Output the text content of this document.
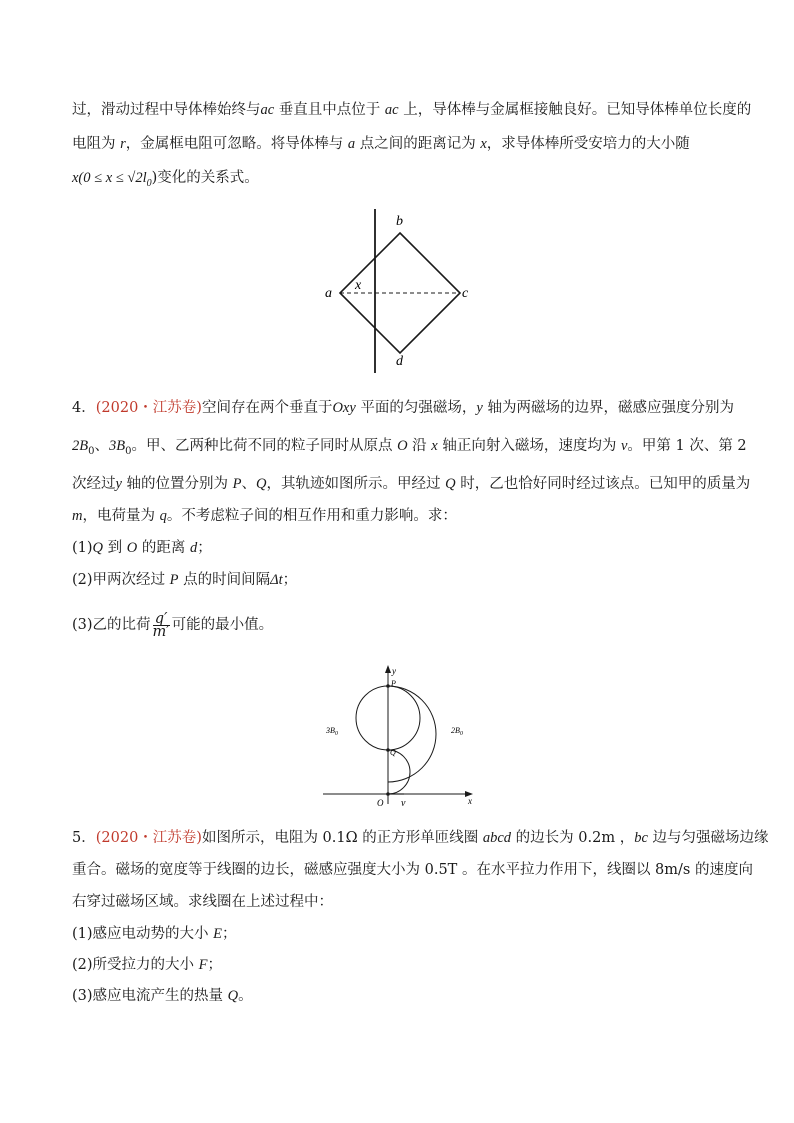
过，滑动过程中导体棒始终与ac 垂直且中点位于 ac 上，导体棒与金属框接触良好。已知导体棒单位长度的
电阻为 r，金属框电阻可忽略。将导体棒与 a 点之间的距离记为 x，求导体棒所受安培力的大小随
$x(0 \le x \le √2l_0)$变化的关系式。
b
a	c
d
x
4．(2020・江苏卷)空间存在两个垂直于Oxy 平面的匀强磁场，y 轴为两磁场的边界，磁感应强度分别为
$2B_0$、$3B_0$。甲、乙两种比荷不同的粒子同时从原点 O 沿 x 轴正向射入磁场，速度均为 v。甲第 1 次、第 2
次经过y 轴的位置分别为 P、Q，其轨迹如图所示。甲经过 Q 时，乙也恰好同时经过该点。已知甲的质量为
m，电荷量为 q。不考虑粒子间的相互作用和重力影响。求：
(1)Q 到 O 的距离 d；
(2)甲两次经过 P 点的时间间隔Δt；
(3)乙的比荷 $\frac{q'}{m'}$ 可能的最小值。
y
x
P
Q
O v
$3B_0$	$2B_0$
5．(2020・江苏卷)如图所示，电阻为 0.1Ω 的正方形单匝线圈 abcd 的边长为 0.2m ，bc 边与匀强磁场边缘
重合。磁场的宽度等于线圈的边长，磁感应强度大小为 0.5T 。在水平拉力作用下，线圈以 8m/s 的速度向
右穿过磁场区域。求线圈在上述过程中：
(1)感应电动势的大小 E；
(2)所受拉力的大小 F；
(3)感应电流产生的热量 Q。
